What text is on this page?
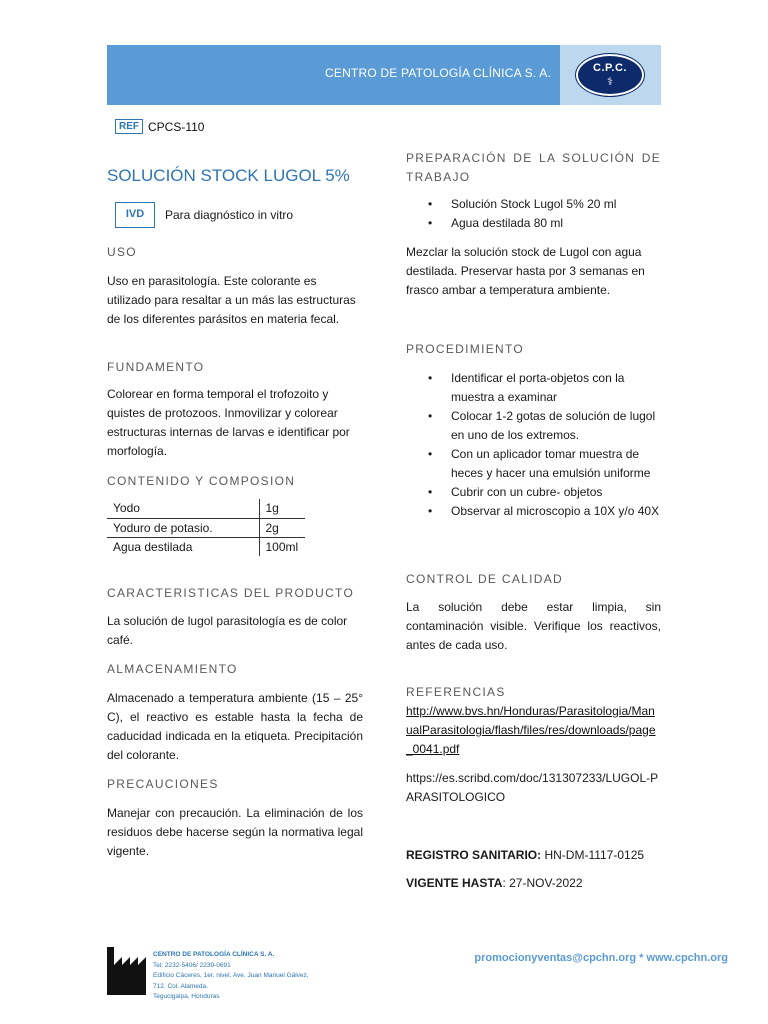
CENTRO DE PATOLOGÍA CLÍNICA S. A.	C.P.C.
⚕
REF CPCS-110
SOLUCIÓN STOCK LUGOL 5%
IVD	Para diagnóstico in vitro
USO
Uso en parasitología. Este colorante es utilizado para resaltar a un más las estructuras de los diferentes parásitos en materia fecal.
FUNDAMENTO
Colorear en forma temporal el trofozoito y quistes de protozoos. Inmovilizar y colorear estructuras internas de larvas e identificar por morfología.
CONTENIDO Y COMPOSION
Yodo	1g
Yoduro de potasio.	2g
Agua destilada	100ml
CARACTERISTICAS DEL PRODUCTO
La solución de lugol parasitología es de color café.
ALMACENAMIENTO
Almacenado a temperatura ambiente (15 – 25° C), el reactivo es estable hasta la fecha de caducidad indicada en la etiqueta. Precipitación del colorante.
PRECAUCIONES
Manejar con precaución. La eliminación de los residuos debe hacerse según la normativa legal vigente.
PREPARACIÓN DE LA SOLUCIÓN DE TRABAJO
• Solución Stock Lugol 5% 20 ml
• Agua destilada 80 ml
Mezclar la solución stock de Lugol con agua destilada. Preservar hasta por 3 semanas en frasco ambar a temperatura ambiente.
PROCEDIMIENTO
• Identificar el porta-objetos con la muestra a examinar
• Colocar 1-2 gotas de solución de lugol en uno de los extremos.
• Con un aplicador tomar muestra de heces y hacer una emulsión uniforme
• Cubrir con un cubre- objetos
• Observar al microscopio a 10X y/o 40X
CONTROL DE CALIDAD
La solución debe estar limpia, sin contaminación visible. Verifique los reactivos, antes de cada uso.
REFERENCIAS
http://www.bvs.hn/Honduras/Parasitologia/ManualParasitologia/flash/files/res/downloads/page_0041.pdf
https://es.scribd.com/doc/131307233/LUGOL-PARASITOLOGICO
REGISTRO SANITARIO: HN-DM-1117-0125
VIGENTE HASTA: 27-NOV-2022
CENTRO DE PATOLOGÍA CLÍNICA S. A.
Tel: 2232-5406/ 2239-0691
Edificio Cáceres, 1er. nivel. Ave. Juan Manuel Gálvez,
712. Col. Alameda.
Tegucigalpa, Honduras
promocionyventas@cpchn.org * www.cpchn.org
